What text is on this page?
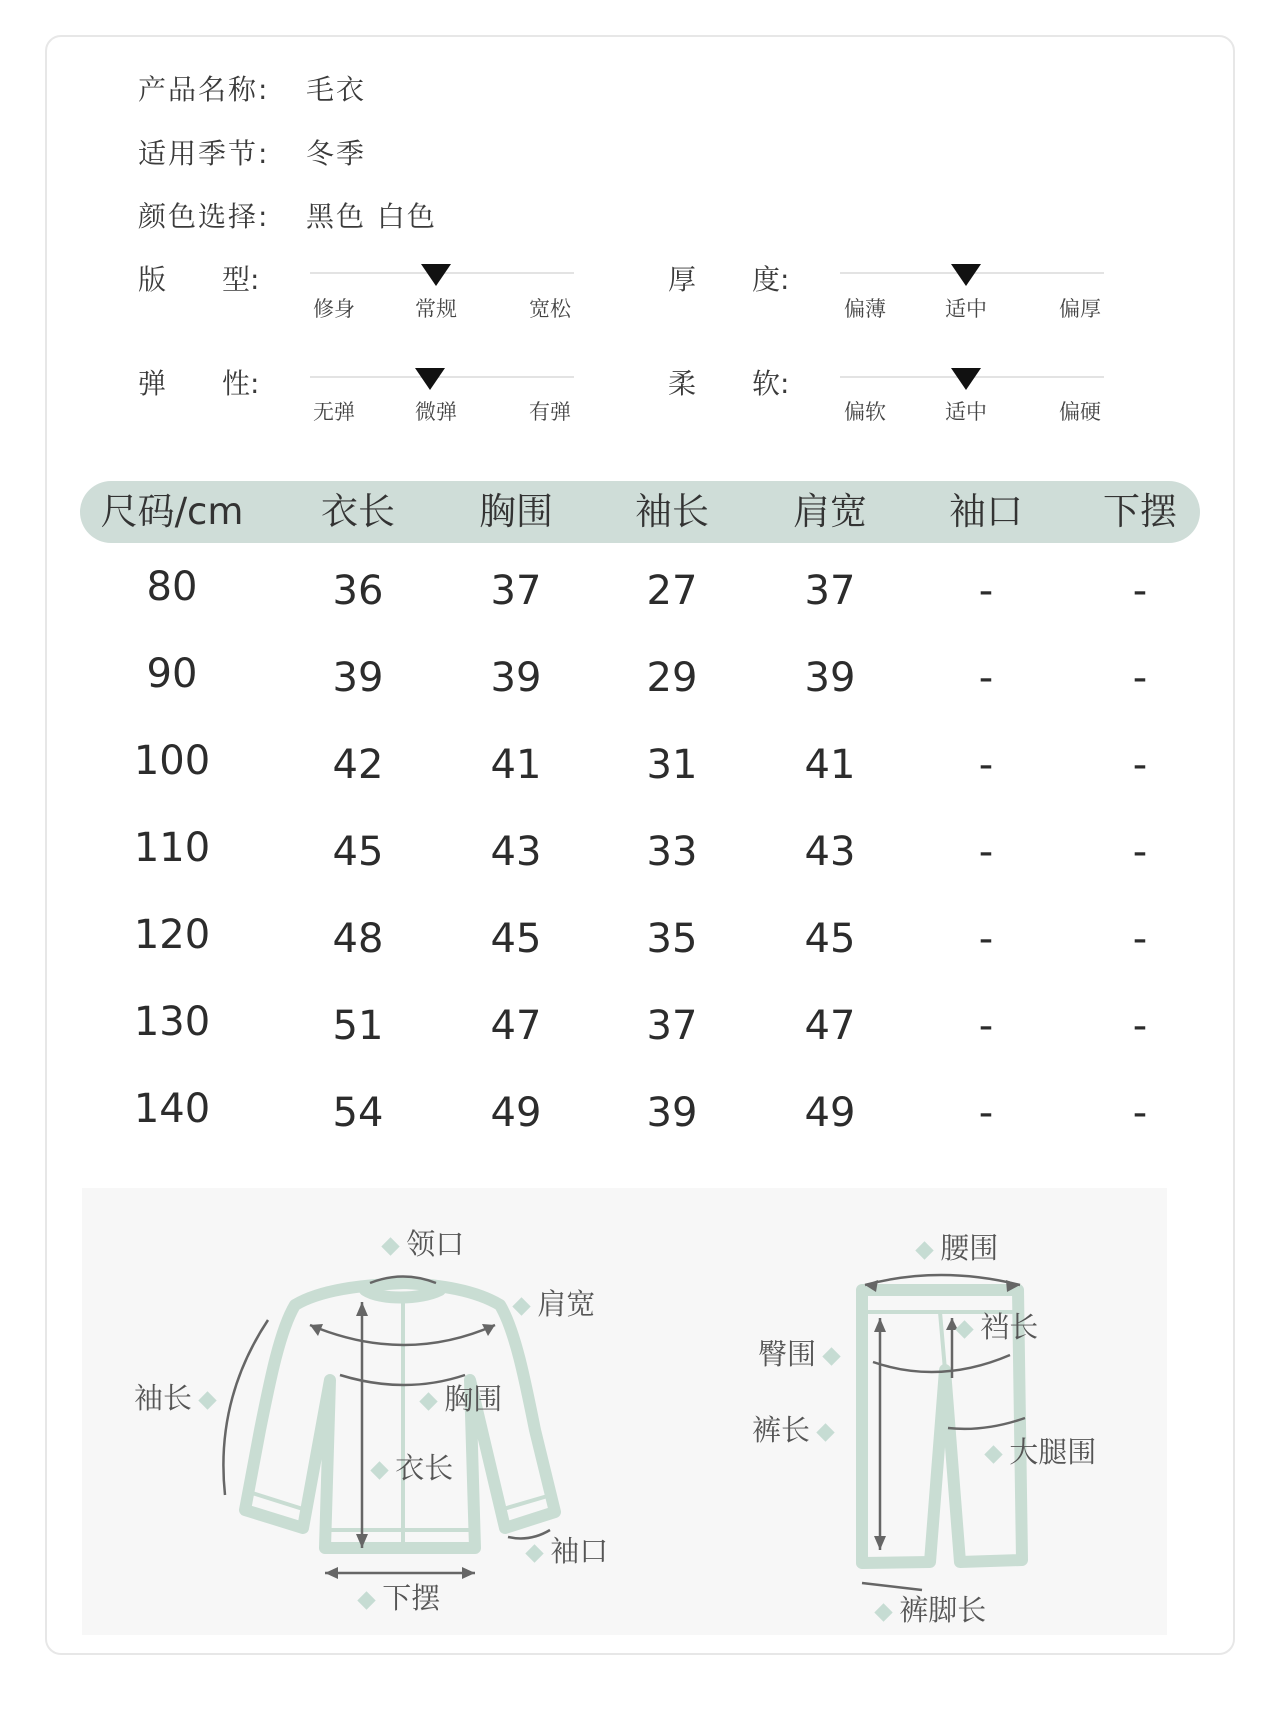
产品名称: 毛衣
适用季节: 冬季
颜色选择: 黑色 白色
版　　型:
修身	常规	宽松
厚　　度:
偏薄	适中	偏厚
弹　　性:
无弹	微弹	有弹
柔　　软:
偏软	适中	偏硬
尺码/cm 衣长 胸围 袖长 肩宽 袖口 下摆
80	36	37	27	37	-	-
90	39	39	29	39	-	-
100	42	41	31	41	-	-
110	45	43	33	43	-	-
120	48	45	35	45	-	-
130	51	47	37	47	-	-
140	54	49	39	49	-	-
领口
肩宽
袖长	胸围
衣长
袖口
下摆
腰围
裆长
臀围
裤长
大腿围
裤脚长
